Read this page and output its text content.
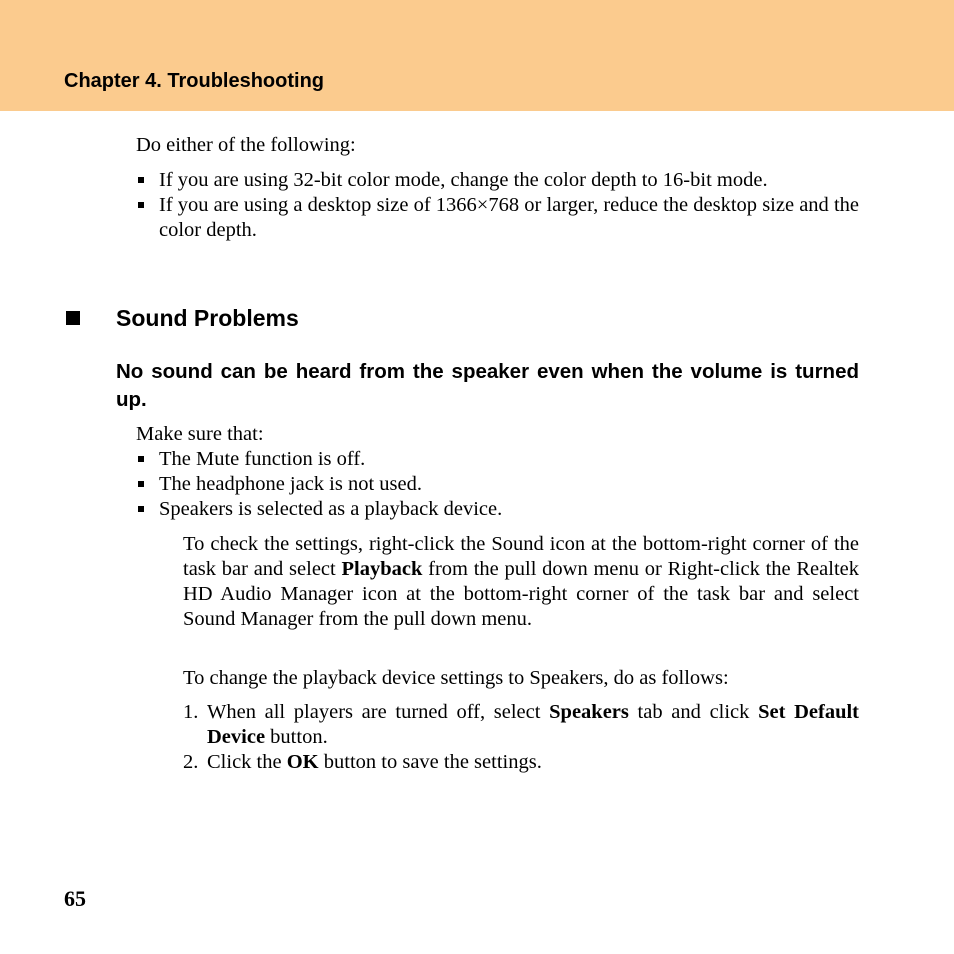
Chapter 4. Troubleshooting
Do either of the following:
If you are using 32-bit color mode, change the color depth to 16-bit mode.
If you are using a desktop size of 1366×768 or larger, reduce the desktop size and the color depth.
Sound Problems
No sound can be heard from the speaker even when the volume is turned up.
Make sure that:
The Mute function is off.
The headphone jack is not used.
Speakers is selected as a playback device.
To check the settings, right-click the Sound icon at the bottom-right corner of the task bar and select Playback from the pull down menu or Right-click the Realtek HD Audio Manager icon at the bottom-right corner of the task bar and select Sound Manager from the pull down menu.
To change the playback device settings to Speakers, do as follows:
1. When all players are turned off, select Speakers tab and click Set Default Device button.
2. Click the OK button to save the settings.
65
